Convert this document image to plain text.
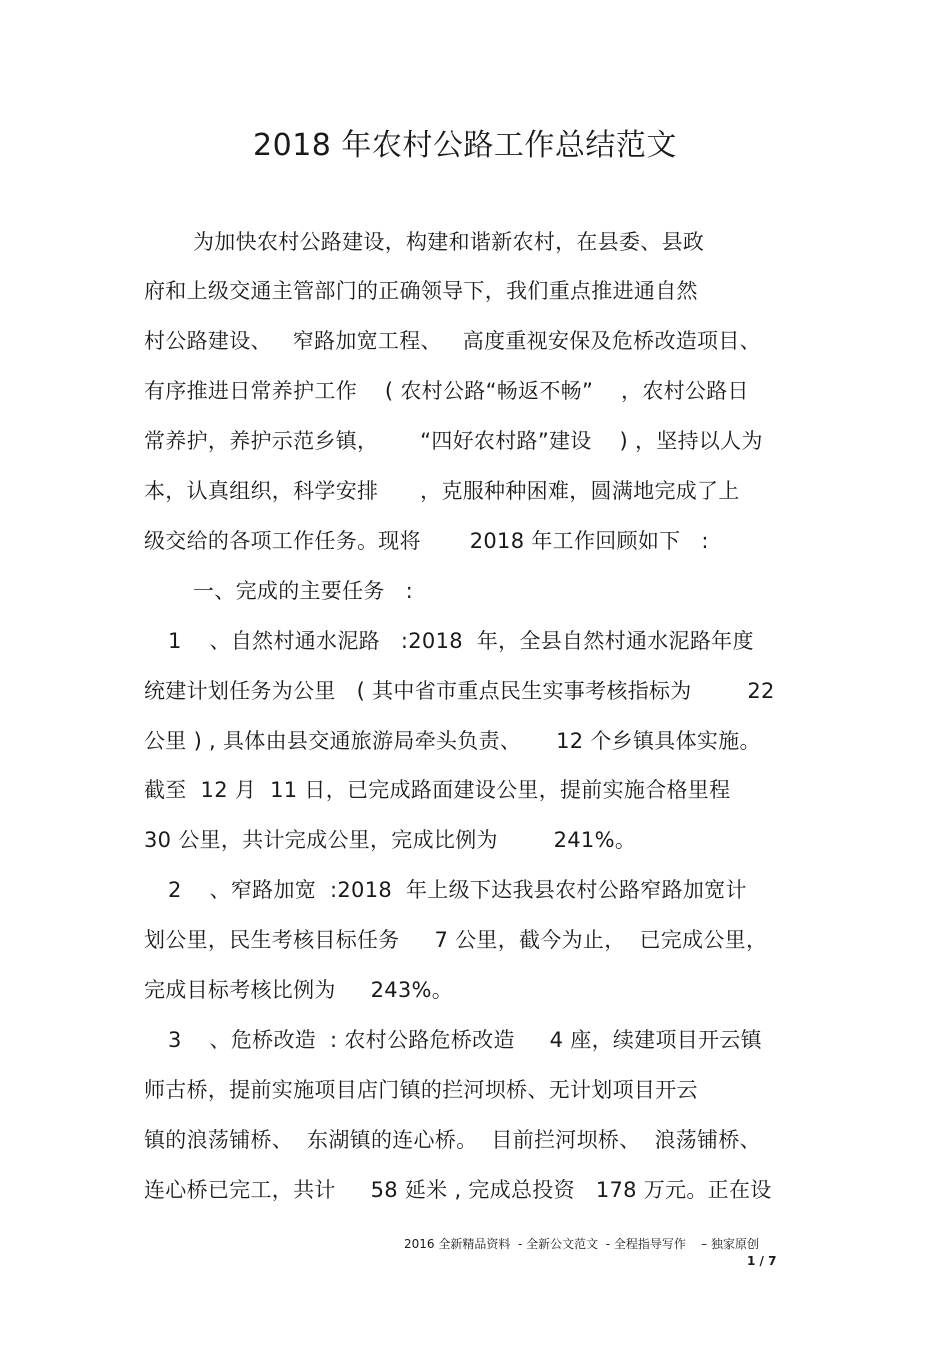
2018 年农村公路工作总结范文
为加快农村公路建设，构建和谐新农村，在县委、县政
府和上级交通主管部门的正确领导下，我们重点推进通自然
村公路建设、   窄路加宽工程、   高度重视安保及危桥改造项目、
有序推进日常养护工作    ( 农村公路“畅返不畅”    ，农村公路日
常养护，养护示范乡镇，      “四好农村路”建设    ) ，坚持以人为
本，认真组织，科学安排      ，克服种种困难，圆满地完成了上
级交给的各项工作任务。现将       2018 年工作回顾如下   :
一、完成的主要任务   :
1    、自然村通水泥路   :2018  年，全县自然村通水泥路年度
统建计划任务为公里   ( 其中省市重点民生实事考核指标为        22
公里 ) , 具体由县交通旅游局牵头负责、     12 个乡镇具体实施。
截至  12 月  11 日，已完成路面建设公里，提前实施合格里程
30 公里，共计完成公里，完成比例为        241%。
2    、窄路加宽  :2018  年上级下达我县农村公路窄路加宽计
划公里，民生考核目标任务     7 公里，截今为止，  已完成公里，
完成目标考核比例为     243%。
3    、危桥改造  : 农村公路危桥改造     4 座，续建项目开云镇
师古桥，提前实施项目店门镇的拦河坝桥、无计划项目开云
镇的浪荡铺桥、  东湖镇的连心桥。  目前拦河坝桥、  浪荡铺桥、
连心桥已完工，共计     58 延米 , 完成总投资   178 万元。正在设
2016 全新精品资料  - 全新公文范文  - 全程指导写作    – 独家原创
1 / 7
